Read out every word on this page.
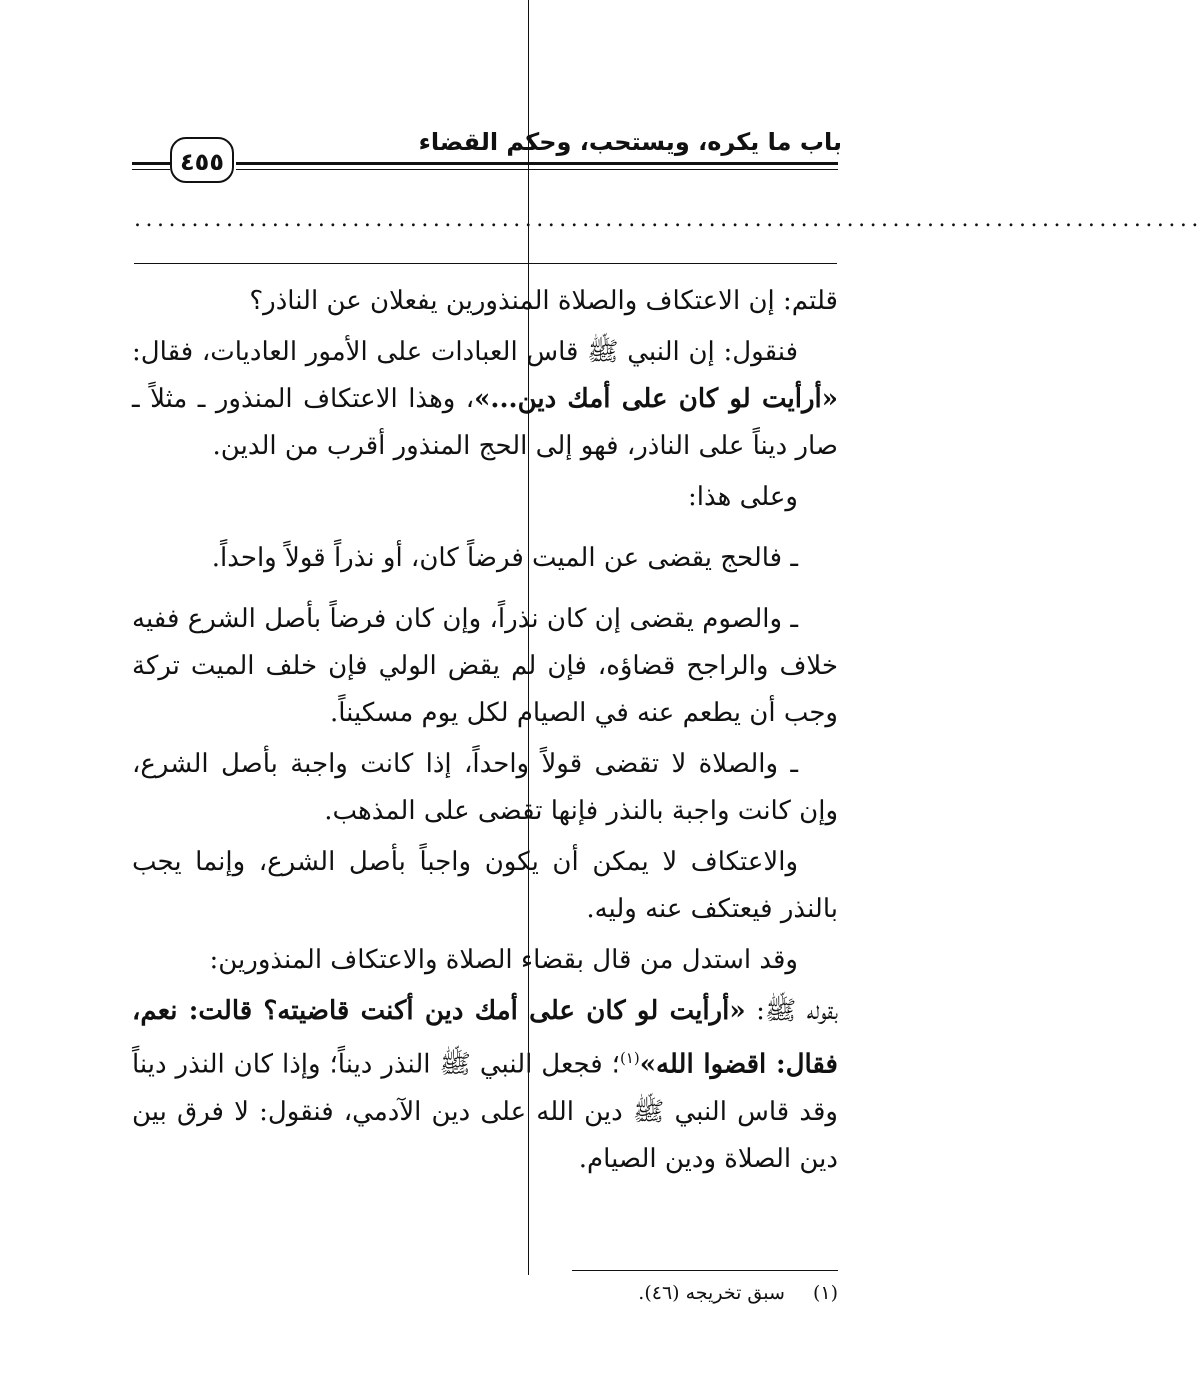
باب ما يكره، ويستحب، وحكم القضاء
٤٥٥
.............................................................................................

قلتم: إن الاعتكاف والصلاة المنذورين يفعلان عن الناذر؟

فنقول: إن النبي ﷺ قاس العبادات على الأمور العاديات، فقال: «أرأيت لو كان على أمك دين...»، وهذا الاعتكاف المنذور ـ مثلاً ـ صار ديناً على الناذر، فهو إلى الحج المنذور أقرب من الدين.

وعلى هذا:

ـ فالحج يقضى عن الميت فرضاً كان، أو نذراً قولاً واحداً.

ـ والصوم يقضى إن كان نذراً، وإن كان فرضاً بأصل الشرع ففيه خلاف والراجح قضاؤه، فإن لم يقض الولي فإن خلف الميت تركة وجب أن يطعم عنه في الصيام لكل يوم مسكيناً.

ـ والصلاة لا تقضى قولاً واحداً، إذا كانت واجبة بأصل الشرع، وإن كانت واجبة بالنذر فإنها تقضى على المذهب.

والاعتكاف لا يمكن أن يكون واجباً بأصل الشرع، وإنما يجب بالنذر فيعتكف عنه وليه.

وقد استدل من قال بقضاء الصلاة والاعتكاف المنذورين:

بقوله ﷺ: «أرأيت لو كان على أمك دين أكنت قاضيته؟ قالت: نعم، فقال: اقضوا الله»$^{(١)}$؛ فجعل النبي ﷺ النذر ديناً؛ وإذا كان النذر ديناً وقد قاس النبي ﷺ دين الله على دين الآدمي، فنقول: لا فرق بين دين الصلاة ودين الصيام.

(١)سبق تخريجه (٤٦).
